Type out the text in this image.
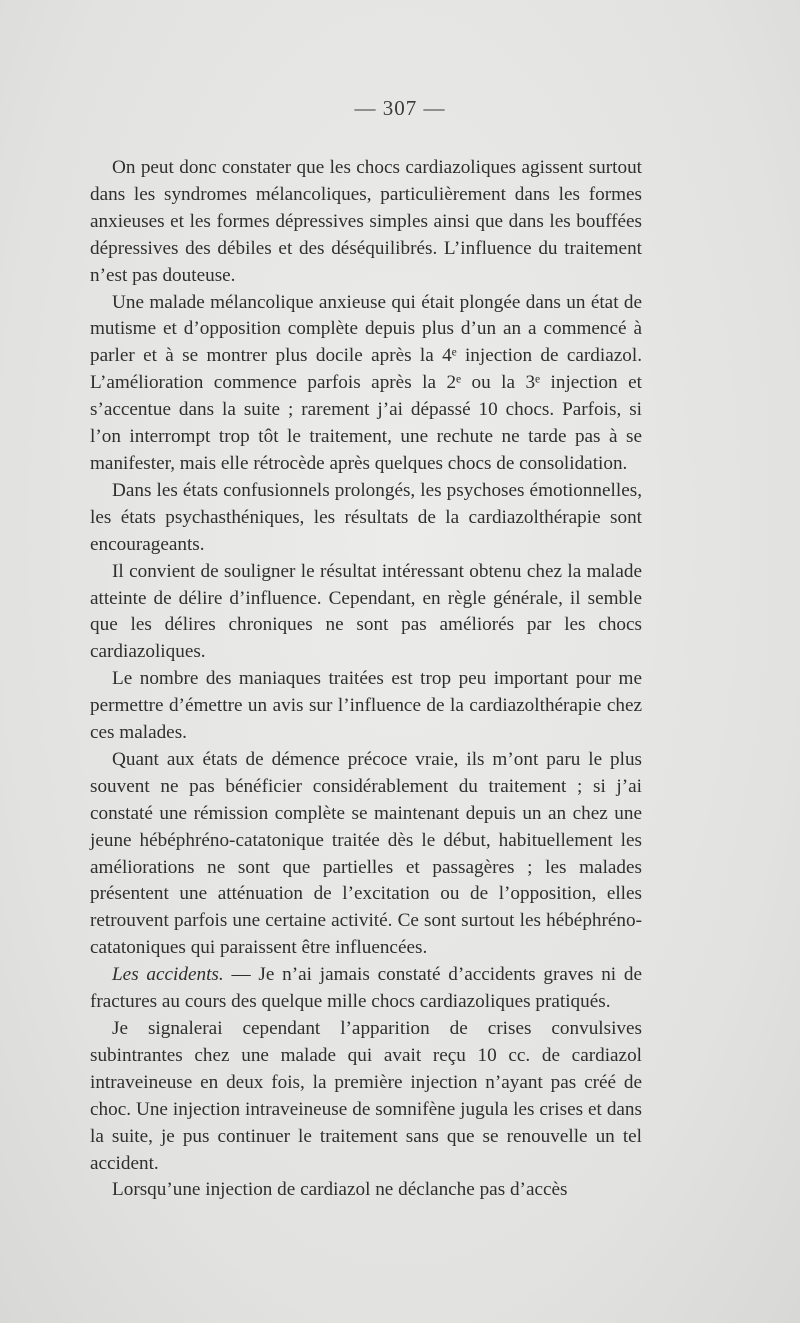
— 307 —

On peut donc constater que les chocs cardiazoliques agissent surtout dans les syndromes mélancoliques, particulièrement dans les formes anxieuses et les formes dépressives simples ainsi que dans les bouffées dépressives des débiles et des déséquilibrés. L’influence du traitement n’est pas douteuse.

Une malade mélancolique anxieuse qui était plongée dans un état de mutisme et d’opposition complète depuis plus d’un an a commencé à parler et à se montrer plus docile après la 4ᵉ injection de cardiazol. L’amélioration commence parfois après la 2ᵉ ou la 3ᵉ injection et s’accentue dans la suite ; rarement j’ai dépassé 10 chocs. Parfois, si l’on interrompt trop tôt le traitement, une rechute ne tarde pas à se manifester, mais elle rétrocède après quelques chocs de consolidation.

Dans les états confusionnels prolongés, les psychoses émotionnelles, les états psychasthéniques, les résultats de la cardiazolthérapie sont encourageants.

Il convient de souligner le résultat intéressant obtenu chez la malade atteinte de délire d’influence. Cependant, en règle générale, il semble que les délires chroniques ne sont pas améliorés par les chocs cardiazoliques.

Le nombre des maniaques traitées est trop peu important pour me permettre d’émettre un avis sur l’influence de la cardiazolthérapie chez ces malades.

Quant aux états de démence précoce vraie, ils m’ont paru le plus souvent ne pas bénéficier considérablement du traitement ; si j’ai constaté une rémission complète se maintenant depuis un an chez une jeune hébéphréno-catatonique traitée dès le début, habituellement les améliorations ne sont que partielles et passagères ; les malades présentent une atténuation de l’excitation ou de l’opposition, elles retrouvent parfois une certaine activité. Ce sont surtout les hébéphréno-catatoniques qui paraissent être influencées.

Les accidents. — Je n’ai jamais constaté d’accidents graves ni de fractures au cours des quelque mille chocs cardiazoliques pratiqués.

Je signalerai cependant l’apparition de crises convulsives subintrantes chez une malade qui avait reçu 10 cc. de cardiazol intraveineuse en deux fois, la première injection n’ayant pas créé de choc. Une injection intraveineuse de somnifène jugula les crises et dans la suite, je pus continuer le traitement sans que se renouvelle un tel accident.

Lorsqu’une injection de cardiazol ne déclanche pas d’accès
